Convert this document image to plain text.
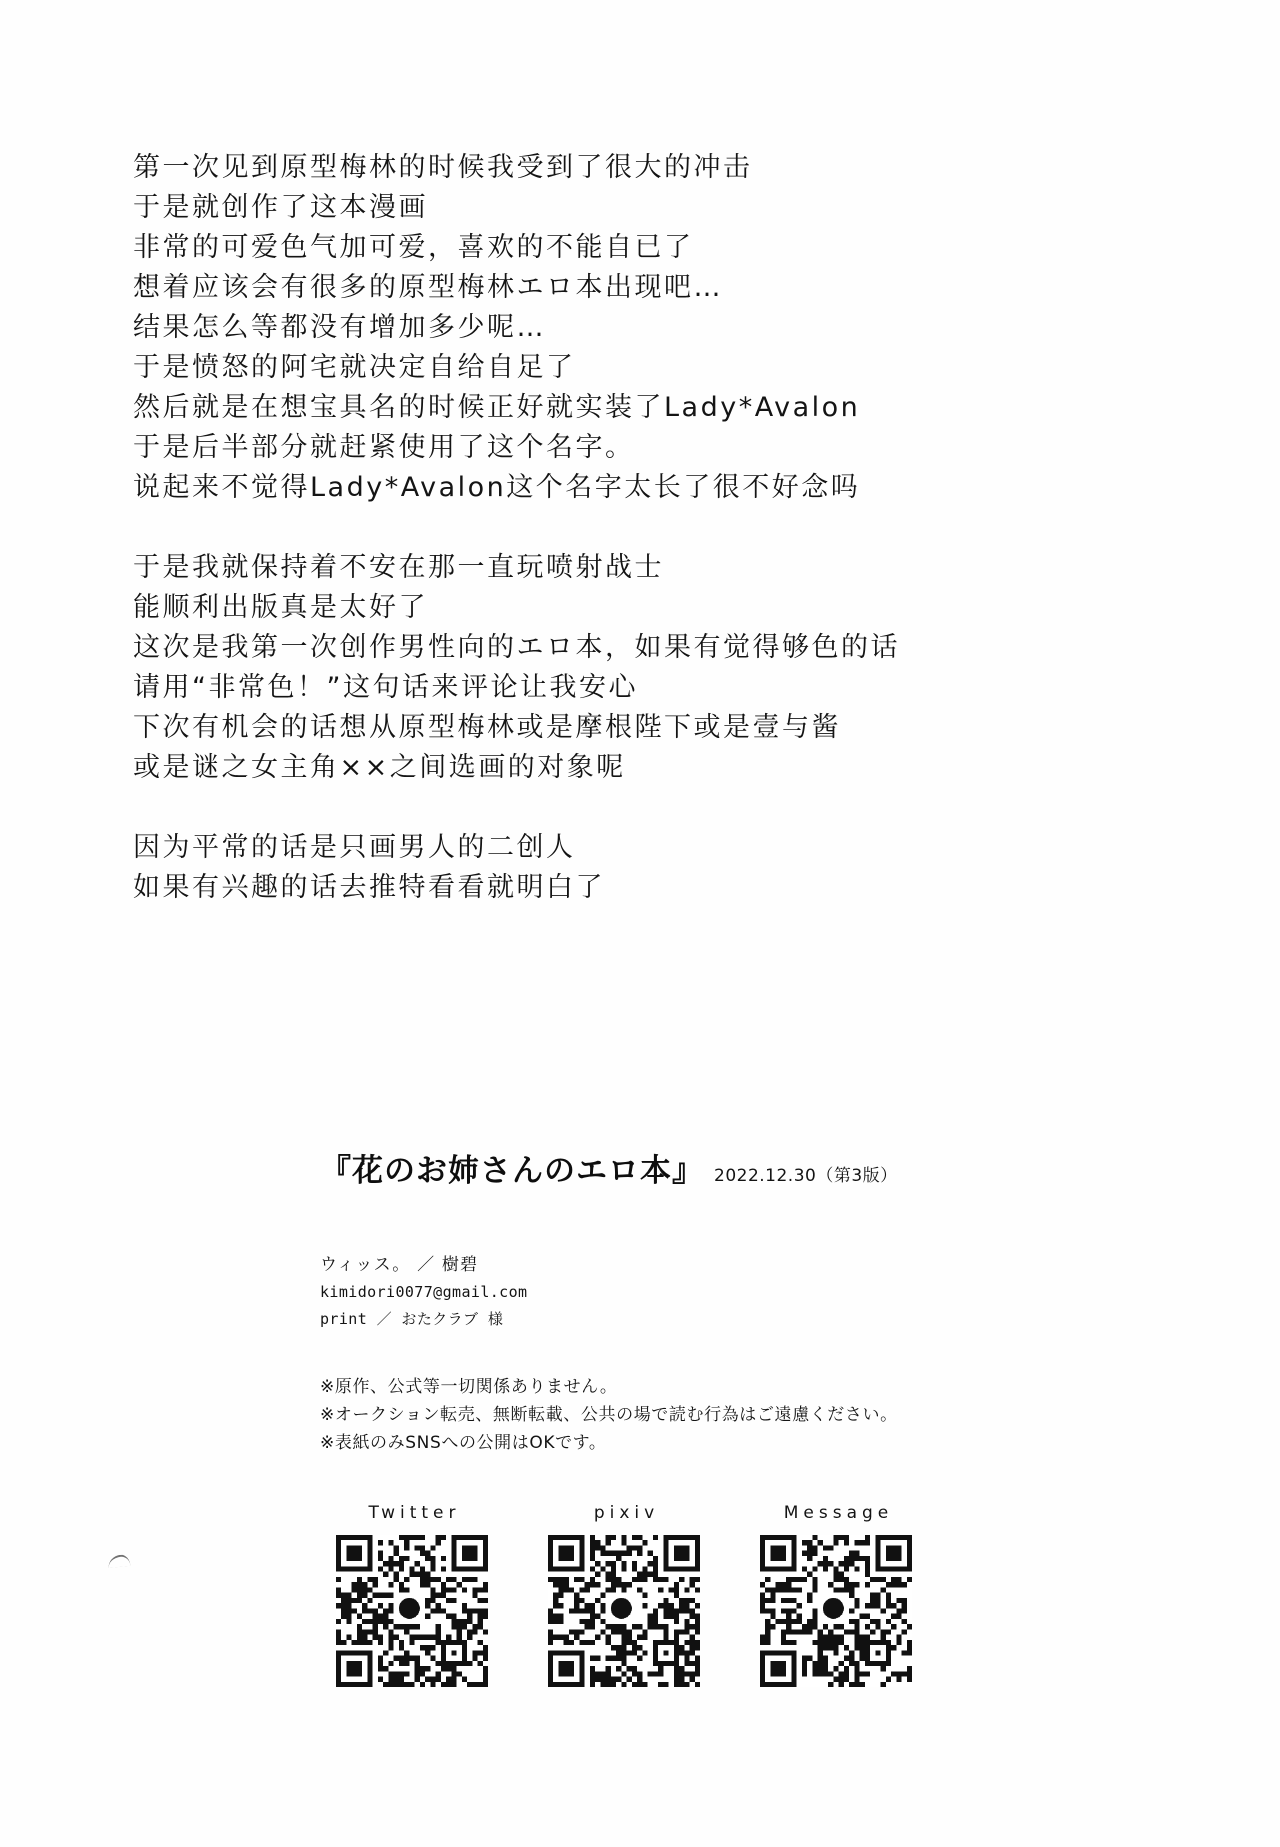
第一次见到原型梅林的时候我受到了很大的冲击
于是就创作了这本漫画
非常的可爱色气加可爱，喜欢的不能自已了
想着应该会有很多的原型梅林エロ本出现吧…
结果怎么等都没有增加多少呢…
于是愤怒的阿宅就决定自给自足了
然后就是在想宝具名的时候正好就实装了Lady*Avalon
于是后半部分就赶紧使用了这个名字。
说起来不觉得Lady*Avalon这个名字太长了很不好念吗
于是我就保持着不安在那一直玩喷射战士
能顺利出版真是太好了
这次是我第一次创作男性向的エロ本，如果有觉得够色的话
请用“非常色！”这句话来评论让我安心
下次有机会的话想从原型梅林或是摩根陛下或是壹与酱
或是谜之女主角××之间选画的对象呢
因为平常的话是只画男人的二创人
如果有兴趣的话去推特看看就明白了
『花のお姉さんのエロ本』 2022.12.30（第3版）
ウィッス。 ／ 樹碧
kimidori0077@gmail.com
print ／ おたクラブ 様
※原作、公式等一切関係ありません。
※オークション転売、無断転載、公共の場で読む行為はご遠慮ください。
※表紙のみSNSへの公開はOKです。
Twitter	pixiv	Message
